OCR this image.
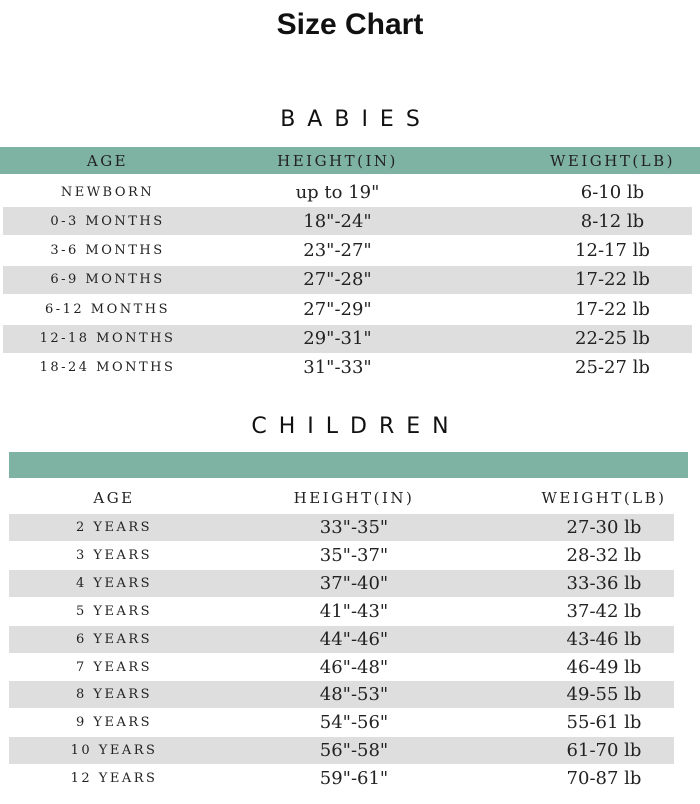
Size Chart
BABIES
AGE	HEIGHT(IN)	WEIGHT(LB)
NEWBORN	up to 19"	6-10 lb
0-3 MONTHS	18"-24"	8-12 lb
3-6 MONTHS	23"-27"	12-17 lb
6-9 MONTHS	27"-28"	17-22 lb
6-12 MONTHS	27"-29"	17-22 lb
12-18 MONTHS	29"-31"	22-25 lb
18-24 MONTHS	31"-33"	25-27 lb
CHILDREN
AGE	HEIGHT(IN)	WEIGHT(LB)
2 YEARS	33"-35"	27-30 lb
3 YEARS	35"-37"	28-32 lb
4 YEARS	37"-40"	33-36 lb
5 YEARS	41"-43"	37-42 lb
6 YEARS	44"-46"	43-46 lb
7 YEARS	46"-48"	46-49 lb
8 YEARS	48"-53"	49-55 lb
9 YEARS	54"-56"	55-61 lb
10 YEARS	56"-58"	61-70 lb
12 YEARS	59"-61"	70-87 lb
